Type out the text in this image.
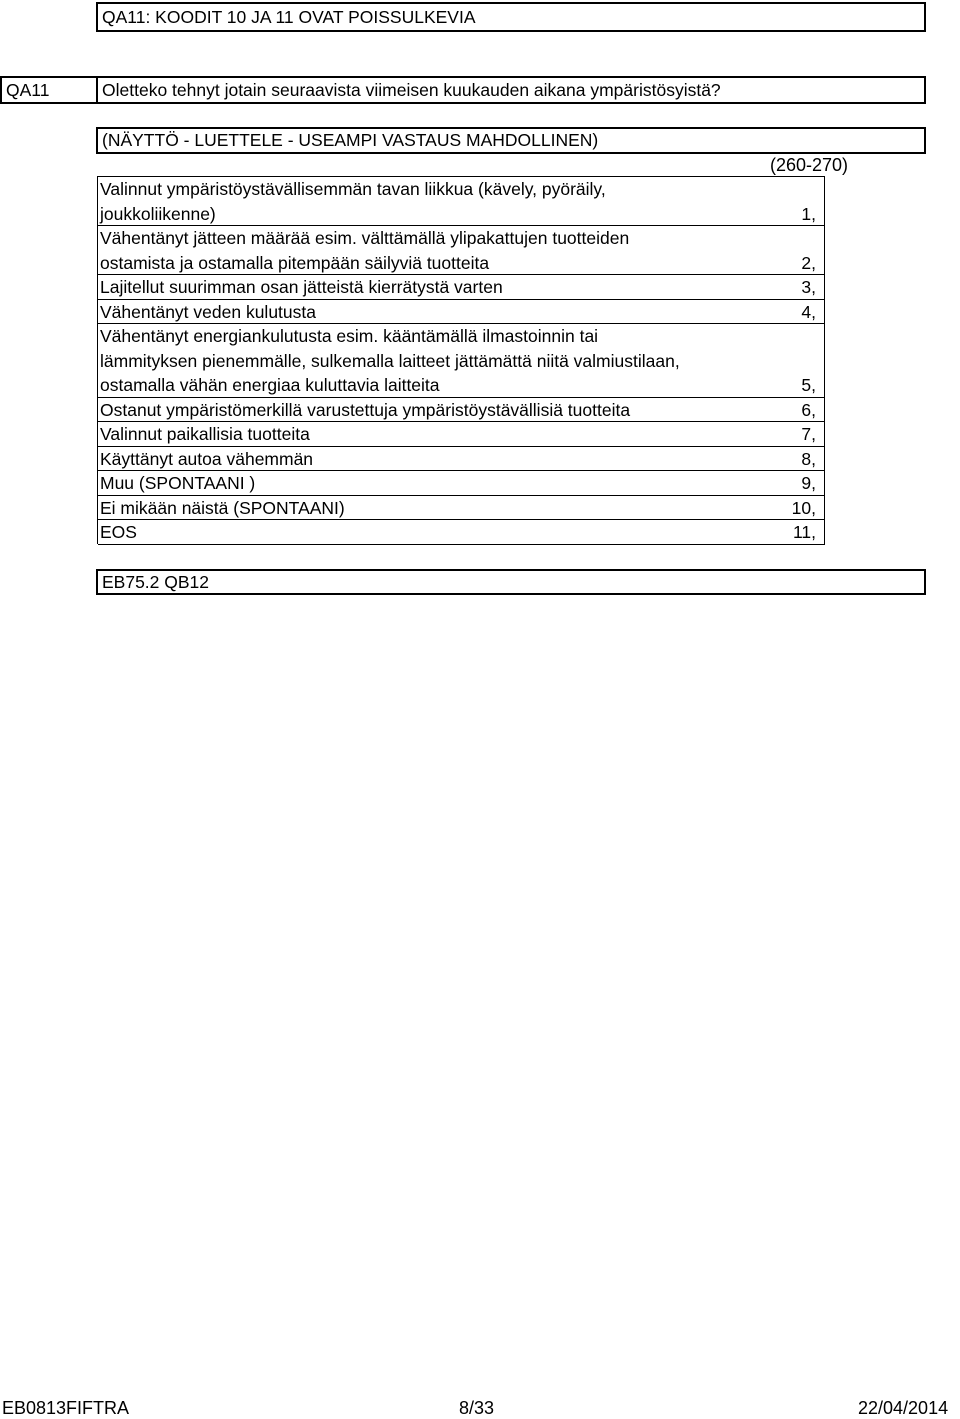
QA11: KOODIT 10 JA 11 OVAT POISSULKEVIA
QA11	Oletteko tehnyt jotain seuraavista viimeisen kuukauden aikana ympäristösyistä?
(NÄYTTÖ - LUETTELE - USEAMPI VASTAUS MAHDOLLINEN)
(260-270)
Valinnut ympäristöystävällisemmän tavan liikkua (kävely, pyöräily,
joukkoliikenne)	1,
Vähentänyt jätteen määrää esim. välttämällä ylipakattujen tuotteiden
ostamista ja ostamalla pitempään säilyviä tuotteita	2,
Lajitellut suurimman osan jätteistä kierrätystä varten	3,
Vähentänyt veden kulutusta	4,
Vähentänyt energiankulutusta esim. kääntämällä ilmastoinnin tai
lämmityksen pienemmälle, sulkemalla laitteet jättämättä niitä valmiustilaan,
ostamalla vähän energiaa kuluttavia laitteita	5,
Ostanut ympäristömerkillä varustettuja ympäristöystävällisiä tuotteita	6,
Valinnut paikallisia tuotteita	7,
Käyttänyt autoa vähemmän	8,
Muu (SPONTAANI )	9,
Ei mikään näistä (SPONTAANI)	10,
EOS	11,
EB75.2 QB12
EB0813FIFTRA	8/33	22/04/2014
